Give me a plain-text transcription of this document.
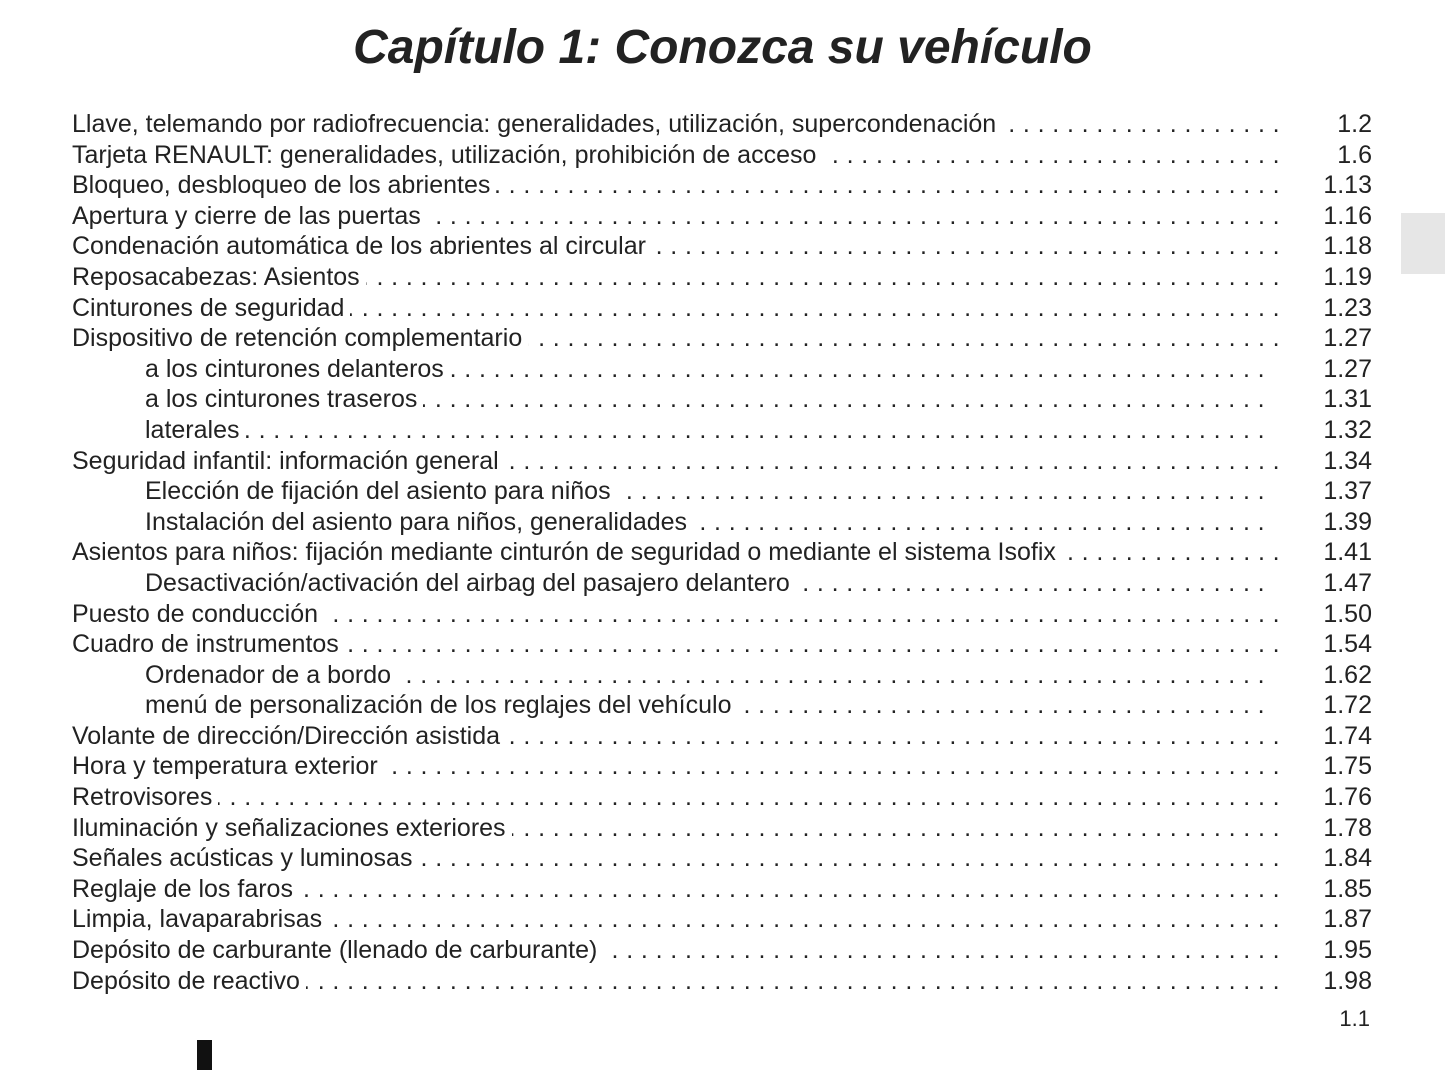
Capítulo 1: Conozca su vehículo
Llave, telemando por radiofrecuencia: generalidades, utilización, supercondenación . . .	1.2
Tarjeta RENAULT: generalidades, utilización, prohibición de acceso . . .	1.6
Bloqueo, desbloqueo de los abrientes . . .	1.13
Apertura y cierre de las puertas . . .	1.16
Condenación automática de los abrientes al circular . . .	1.18
Reposacabezas: Asientos . . .	1.19
Cinturones de seguridad . . .	1.23
Dispositivo de retención complementario . . .	1.27
a los cinturones delanteros . . .	1.27
a los cinturones traseros . . .	1.31
laterales . . .	1.32
Seguridad infantil: información general . . .	1.34
Elección de fijación del asiento para niños . . .	1.37
Instalación del asiento para niños, generalidades . . .	1.39
Asientos para niños: fijación mediante cinturón de seguridad o mediante el sistema Isofix . . .	1.41
Desactivación/activación del airbag del pasajero delantero . . .	1.47
Puesto de conducción . . .	1.50
Cuadro de instrumentos . . .	1.54
Ordenador de a bordo . . .	1.62
menú de personalización de los reglajes del vehículo . . .	1.72
Volante de dirección/Dirección asistida . . .	1.74
Hora y temperatura exterior . . .	1.75
Retrovisores . . .	1.76
Iluminación y señalizaciones exteriores . . .	1.78
Señales acústicas y luminosas . . .	1.84
Reglaje de los faros . . .	1.85
Limpia, lavaparabrisas . . .	1.87
Depósito de carburante (llenado de carburante) . . .	1.95
Depósito de reactivo . . .	1.98
1.1
